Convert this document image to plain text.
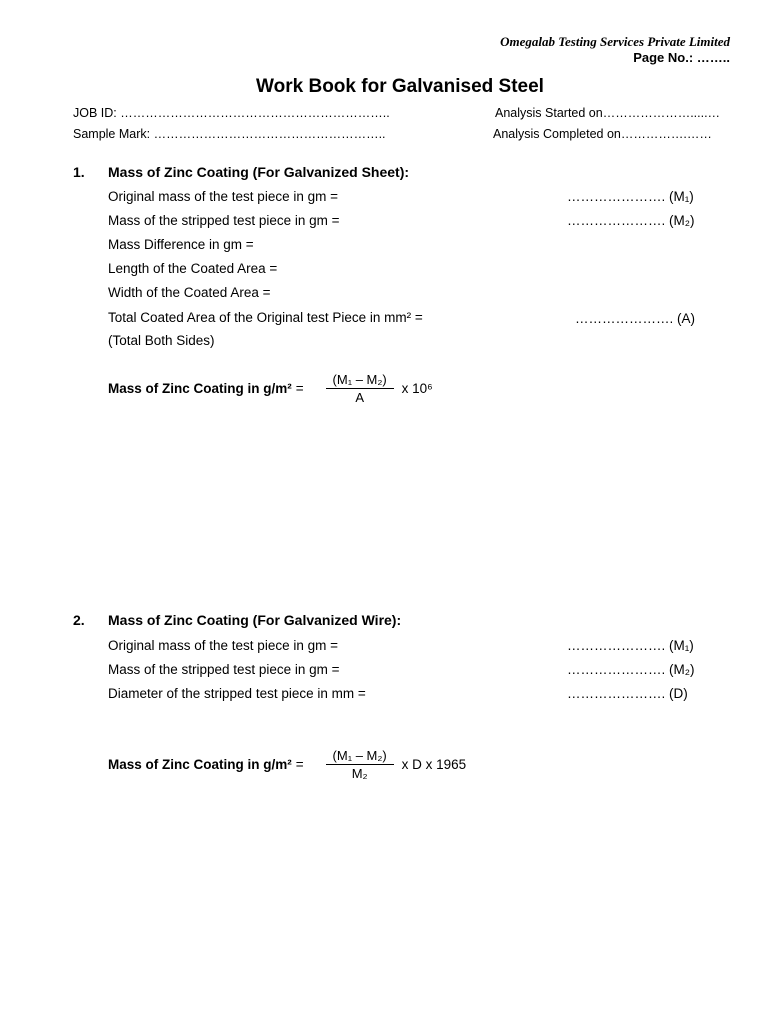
Omegalab Testing Services Private Limited
Page No.: ……..
Work Book for Galvanised Steel
JOB ID: ………………………………………………………..	Analysis Started on………………….....…
Sample Mark: ………………………………………………..	Analysis Completed on…………….……
1. Mass of Zinc Coating (For Galvanized Sheet):
Original mass of the test piece in gm =	…………………. (M₁)
Mass of the stripped test piece in gm =	…………………. (M₂)
Mass Difference in gm =
Length of the Coated Area =
Width of the Coated Area =
Total Coated Area of the Original test Piece in mm² =	…………………. (A)
(Total Both Sides)
Mass of Zinc Coating in $g/m^2 = \frac{\text{(M₁ – M₂)}}{A}$ x 10⁶
2. Mass of Zinc Coating (For Galvanized Wire):
Original mass of the test piece in gm =	…………………. (M₁)
Mass of the stripped test piece in gm =	…………………. (M₂)
Diameter of the stripped test piece in mm =	…………………. (D)
Mass of Zinc Coating in $g/m^2 = \frac{\text{(M₁ – M₂)}}{\text{M₂}}$ x D x 1965
